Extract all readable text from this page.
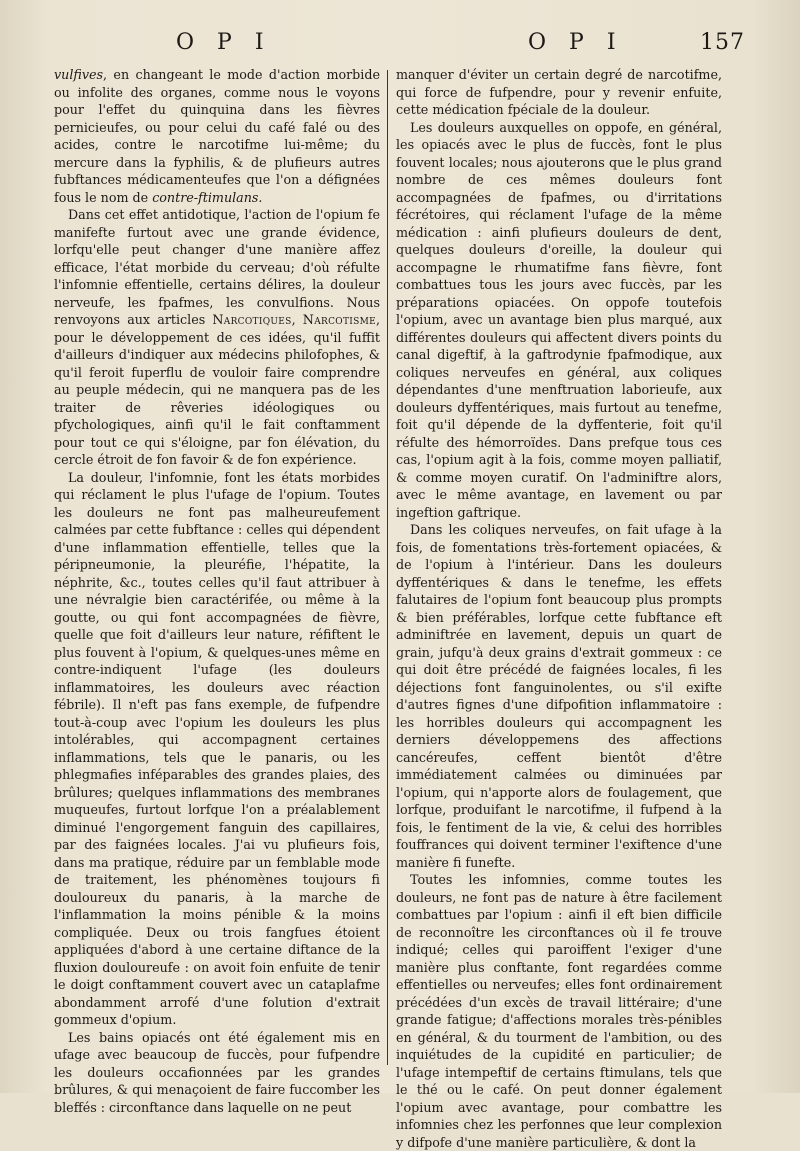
O P I	O P I	157

vulfives, en changeant le mode d'action morbide ou infolite des organes, comme nous le voyons pour l'effet du quinquina dans les fièvres pernicieufes, ou pour celui du café falé ou des acides, contre le narcotifme lui-même; du mercure dans la fyphilis, & de plufieurs autres fubftances médicamenteufes que l'on a défignées fous le nom de contre-ftimulans.

Dans cet effet antidotique, l'action de l'opium fe manifefte furtout avec une grande évidence, lorfqu'elle peut changer d'une manière affez efficace, l'état morbide du cerveau; d'où réfulte l'infomnie effentielle, certains délires, la douleur nerveufe, les fpafmes, les convulfions. Nous renvoyons aux articles Narcotiques, Narcotisme, pour le développement de ces idées, qu'il fuffit d'ailleurs d'indiquer aux médecins philofophes, & qu'il feroit fuperflu de vouloir faire comprendre au peuple médecin, qui ne manquera pas de les traiter de rêveries idéologiques ou pfychologiques, ainfi qu'il le fait conftamment pour tout ce qui s'éloigne, par fon élévation, du cercle étroit de fon favoir & de fon expérience.

La douleur, l'infomnie, font les états morbides qui réclament le plus l'ufage de l'opium. Toutes les douleurs ne font pas malheureufement calmées par cette fubftance : celles qui dépendent d'une inflammation effentielle, telles que la péripneumonie, la pleuréfie, l'hépatite, la néphrite, &c., toutes celles qu'il faut attribuer à une névralgie bien caractérifée, ou même à la goutte, ou qui font accompagnées de fièvre, quelle que foit d'ailleurs leur nature, réfiftent le plus fouvent à l'opium, & quelques-unes même en contre-indiquent l'ufage (les douleurs inflammatoires, les douleurs avec réaction fébrile). Il n'eft pas fans exemple, de fufpendre tout-à-coup avec l'opium les douleurs les plus intolérables, qui accompagnent certaines inflammations, tels que le panaris, ou les phlegmafies inféparables des grandes plaies, des brûlures; quelques inflammations des membranes muqueufes, furtout lorfque l'on a préalablement diminué l'engorgement fanguin des capillaires, par des faignées locales. J'ai vu plufieurs fois, dans ma pratique, réduire par un femblable mode de traitement, les phénomènes toujours fi douloureux du panaris, à la marche de l'inflammation la moins pénible & la moins compliquée. Deux ou trois fangfues étoient appliquées d'abord à une certaine diftance de la fluxion douloureufe : on avoit foin enfuite de tenir le doigt conftamment couvert avec un cataplafme abondamment arrofé d'une folution d'extrait gommeux d'opium.

Les bains opiacés ont été également mis en ufage avec beaucoup de fuccès, pour fufpendre les douleurs occafionnées par les grandes brûlures, & qui menaçoient de faire fuccomber les bleffés : circonftance dans laquelle on ne peut

manquer d'éviter un certain degré de narcotifme, qui force de fufpendre, pour y revenir enfuite, cette médication fpéciale de la douleur.

Les douleurs auxquelles on oppofe, en général, les opiacés avec le plus de fuccès, font le plus fouvent locales; nous ajouterons que le plus grand nombre de ces mêmes douleurs font accompagnées de fpafmes, ou d'irritations fécrétoires, qui réclament l'ufage de la même médication : ainfi plufieurs douleurs de dent, quelques douleurs d'oreille, la douleur qui accompagne le rhumatifme fans fièvre, font combattues tous les jours avec fuccès, par les préparations opiacées. On oppofe toutefois l'opium, avec un avantage bien plus marqué, aux différentes douleurs qui affectent divers points du canal digeftif, à la gaftrodynie fpafmodique, aux coliques nerveufes en général, aux coliques dépendantes d'une menftruation laborieufe, aux douleurs dyffentériques, mais furtout au tenefme, foit qu'il dépende de la dyffenterie, foit qu'il réfulte des hémorroïdes. Dans prefque tous ces cas, l'opium agit à la fois, comme moyen palliatif, & comme moyen curatif. On l'adminiftre alors, avec le même avantage, en lavement ou par ingeftion gaftrique.

Dans les coliques nerveufes, on fait ufage à la fois, de fomentations très-fortement opiacées, & de l'opium à l'intérieur. Dans les douleurs dyffentériques & dans le tenefme, les effets falutaires de l'opium font beaucoup plus prompts & bien préférables, lorfque cette fubftance eft adminiftrée en lavement, depuis un quart de grain, jufqu'à deux grains d'extrait gommeux : ce qui doit être précédé de faignées locales, fi les déjections font fanguinolentes, ou s'il exifte d'autres fignes d'une difpofition inflammatoire : les horribles douleurs qui accompagnent les derniers développemens des affections cancéreufes, ceffent bientôt d'être immédiatement calmées ou diminuées par l'opium, qui n'apporte alors de foulagement, que lorfque, produifant le narcotifme, il fufpend à la fois, le fentiment de la vie, & celui des horribles fouffrances qui doivent terminer l'exiftence d'une manière fi funefte.

Toutes les infomnies, comme toutes les douleurs, ne font pas de nature à être facilement combattues par l'opium : ainfi il eft bien difficile de reconnoître les circonftances où il fe trouve indiqué; celles qui paroiffent l'exiger d'une manière plus conftante, font regardées comme effentielles ou nerveufes; elles font ordinairement précédées d'un excès de travail littéraire; d'une grande fatigue; d'affections morales très-pénibles en général, & du tourment de l'ambition, ou des inquiétudes de la cupidité en particulier; de l'ufage intempeftif de certains ftimulans, tels que le thé ou le café. On peut donner également l'opium avec avantage, pour combattre les infomnies chez les perfonnes que leur complexion y difpofe d'une manière particulière, & dont la
